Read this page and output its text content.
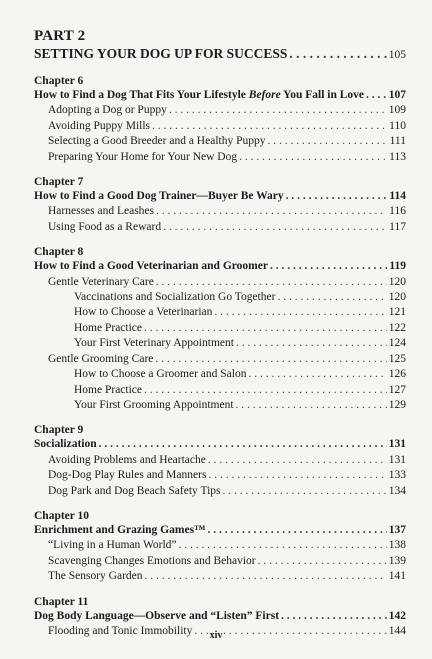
PART 2
SETTING YOUR DOG UP FOR SUCCESS . . .	105
Chapter 6
How to Find a Dog That Fits Your Lifestyle Before You Fall in Love . . . 107
Adopting a Dog or Puppy . . .	109
Avoiding Puppy Mills . . .	110
Selecting a Good Breeder and a Healthy Puppy . . .	111
Preparing Your Home for Your New Dog . . .	113
Chapter 7
How to Find a Good Dog Trainer—Buyer Be Wary . . .	114
Harnesses and Leashes . . .	116
Using Food as a Reward . . .	117
Chapter 8
How to Find a Good Veterinarian and Groomer . . .	119
Gentle Veterinary Care . . .	120
Vaccinations and Socialization Go Together . . .	120
How to Choose a Veterinarian . . .	121
Home Practice . . .	122
Your First Veterinary Appointment . . .	124
Gentle Grooming Care . . .	125
How to Choose a Groomer and Salon . . .	126
Home Practice . . .	127
Your First Grooming Appointment . . .	129
Chapter 9
Socialization . . .	131
Avoiding Problems and Heartache . . .	131
Dog-Dog Play Rules and Manners . . .	133
Dog Park and Dog Beach Safety Tips . . .	134
Chapter 10
Enrichment and Grazing Games™ . . .	137
“Living in a Human World” . . .	138
Scavenging Changes Emotions and Behavior . . .	139
The Sensory Garden . . .	141
Chapter 11
Dog Body Language—Observe and “Listen” First . . .	142
Flooding and Tonic Immobility . . .	144
xiv
